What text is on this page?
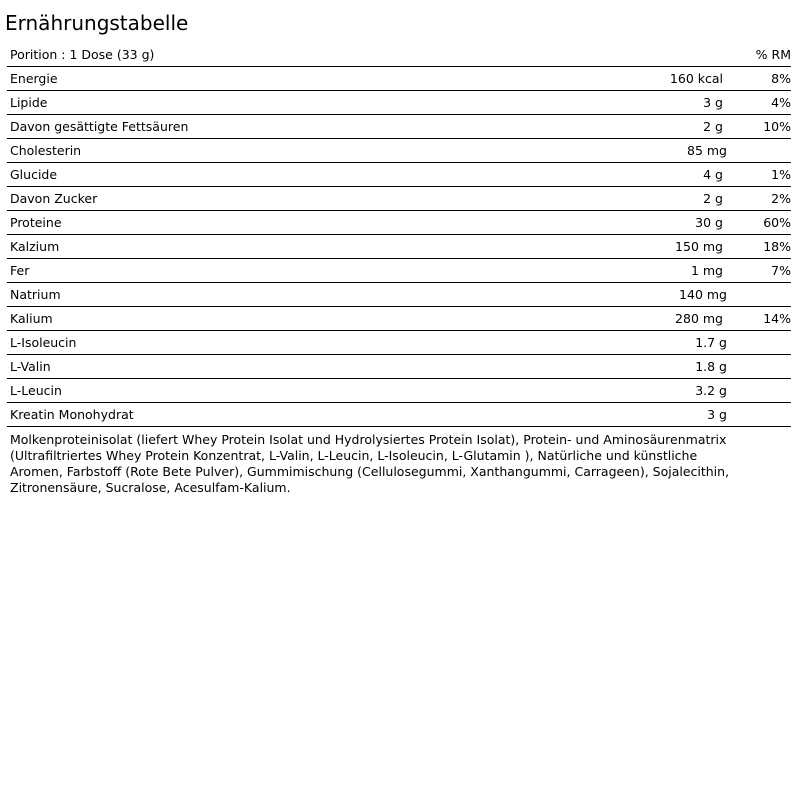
Ernährungstabelle
Porition : 1 Dose (33 g)		% RM
Energie	160 kcal	8%
Lipide	3 g	4%
Davon gesättigte Fettsäuren	2 g	10%
Cholesterin	85 mg	
Glucide	4 g	1%
Davon Zucker	2 g	2%
Proteine	30 g	60%
Kalzium	150 mg	18%
Fer	1 mg	7%
Natrium	140 mg	
Kalium	280 mg	14%
L-Isoleucin	1.7 g	
L-Valin	1.8 g	
L-Leucin	3.2 g	
Kreatin Monohydrat	3 g	

Molkenproteinisolat (liefert Whey Protein Isolat und Hydrolysiertes Protein Isolat), Protein- und Aminosäurenmatrix (Ultrafiltriertes Whey Protein Konzentrat, L-Valin, L-Leucin, L-Isoleucin, L-Glutamin ), Natürliche und künstliche Aromen, Farbstoff (Rote Bete Pulver), Gummimischung (Cellulosegummi, Xanthangummi, Carrageen), Sojalecithin, Zitronensäure, Sucralose, Acesulfam-Kalium.
